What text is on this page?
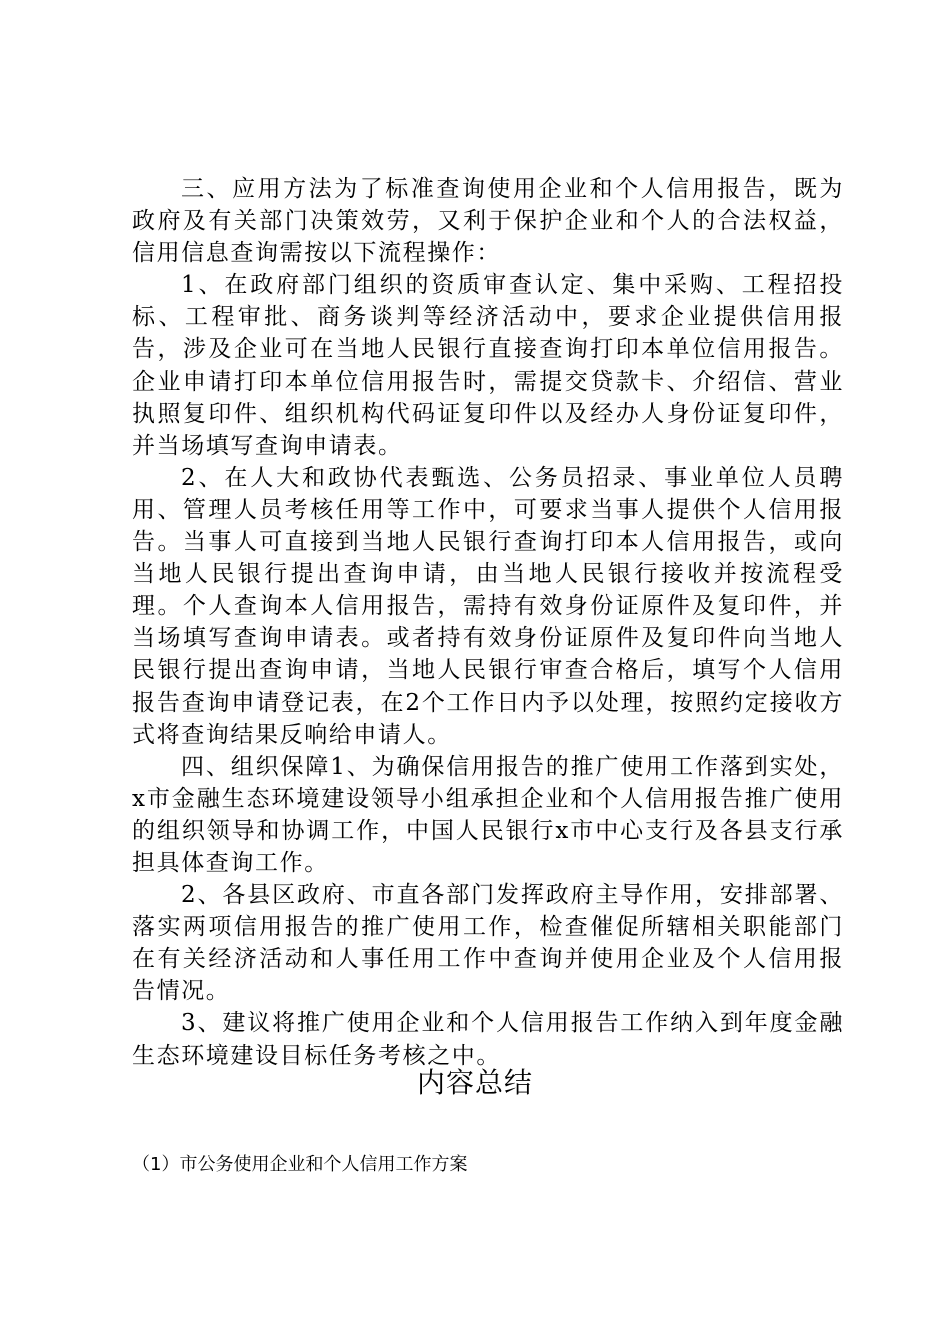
三、应用方法为了标准查询使用企业和个人信用报告，既为政府及有关部门决策效劳，又利于保护企业和个人的合法权益，信用信息查询需按以下流程操作：

1、在政府部门组织的资质审查认定、集中采购、工程招投标、工程审批、商务谈判等经济活动中，要求企业提供信用报告，涉及企业可在当地人民银行直接查询打印本单位信用报告。企业申请打印本单位信用报告时，需提交贷款卡、介绍信、营业执照复印件、组织机构代码证复印件以及经办人身份证复印件，并当场填写查询申请表。

2、在人大和政协代表甄选、公务员招录、事业单位人员聘用、管理人员考核任用等工作中，可要求当事人提供个人信用报告。当事人可直接到当地人民银行查询打印本人信用报告，或向当地人民银行提出查询申请，由当地人民银行接收并按流程受理。个人查询本人信用报告，需持有效身份证原件及复印件，并当场填写查询申请表。或者持有效身份证原件及复印件向当地人民银行提出查询申请，当地人民银行审查合格后，填写个人信用报告查询申请登记表，在2个工作日内予以处理，按照约定接收方式将查询结果反响给申请人。

四、组织保障1、为确保信用报告的推广使用工作落到实处，x市金融生态环境建设领导小组承担企业和个人信用报告推广使用的组织领导和协调工作，中国人民银行x市中心支行及各县支行承担具体查询工作。

2、各县区政府、市直各部门发挥政府主导作用，安排部署、落实两项信用报告的推广使用工作，检查催促所辖相关职能部门在有关经济活动和人事任用工作中查询并使用企业及个人信用报告情况。

3、建议将推广使用企业和个人信用报告工作纳入到年度金融生态环境建设目标任务考核之中。

内容总结
（1）市公务使用企业和个人信用工作方案
